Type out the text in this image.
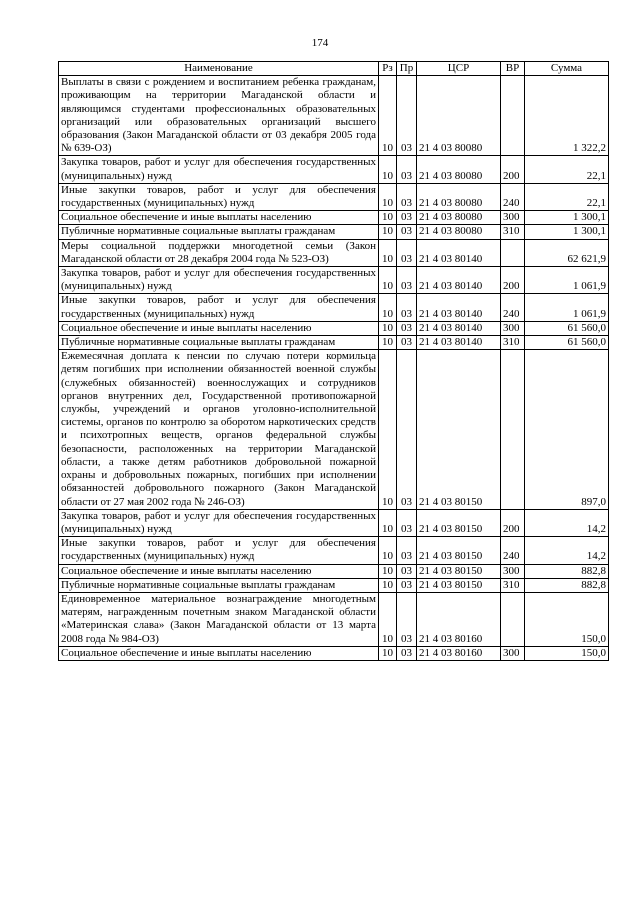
174
Наименование	Рз	Пр	ЦСР	ВР	Сумма
Выплаты в связи с рождением и воспитанием ребенка гражданам, проживающим на территории Магаданской области и являющимся студентами профессиональных образовательных организаций или образовательных организаций высшего образования (Закон Магаданской области от 03 декабря 2005 года № 639-ОЗ)	10	03	21 4 03 80080		1 322,2
Закупка товаров, работ и услуг для обеспечения государственных (муниципальных) нужд	10	03	21 4 03 80080	200	22,1
Иные закупки товаров, работ и услуг для обеспечения государственных (муниципальных) нужд	10	03	21 4 03 80080	240	22,1
Социальное обеспечение и иные выплаты населению	10	03	21 4 03 80080	300	1 300,1
Публичные нормативные социальные выплаты гражданам	10	03	21 4 03 80080	310	1 300,1
Меры социальной поддержки многодетной семьи (Закон Магаданской области от 28 декабря 2004 года № 523-ОЗ)	10	03	21 4 03 80140		62 621,9
Закупка товаров, работ и услуг для обеспечения государственных (муниципальных) нужд	10	03	21 4 03 80140	200	1 061,9
Иные закупки товаров, работ и услуг для обеспечения государственных (муниципальных) нужд	10	03	21 4 03 80140	240	1 061,9
Социальное обеспечение и иные выплаты населению	10	03	21 4 03 80140	300	61 560,0
Публичные нормативные социальные выплаты гражданам	10	03	21 4 03 80140	310	61 560,0
Ежемесячная доплата к пенсии по случаю потери кормильца детям погибших при исполнении обязанностей военной службы (служебных обязанностей) военнослужащих и сотрудников органов внутренних дел, Государственной противопожарной службы, учреждений и органов уголовно-исполнительной системы, органов по контролю за оборотом наркотических средств и психотропных веществ, органов федеральной службы безопасности, расположенных на территории Магаданской области, а также детям работников добровольной пожарной охраны и добровольных пожарных, погибших при исполнении обязанностей добровольного пожарного (Закон Магаданской области от 27 мая 2002 года № 246-ОЗ)	10	03	21 4 03 80150		897,0
Закупка товаров, работ и услуг для обеспечения государственных (муниципальных) нужд	10	03	21 4 03 80150	200	14,2
Иные закупки товаров, работ и услуг для обеспечения государственных (муниципальных) нужд	10	03	21 4 03 80150	240	14,2
Социальное обеспечение и иные выплаты населению	10	03	21 4 03 80150	300	882,8
Публичные нормативные социальные выплаты гражданам	10	03	21 4 03 80150	310	882,8
Единовременное материальное вознаграждение многодетным матерям, награжденным почетным знаком Магаданской области «Материнская слава» (Закон Магаданской области от 13 марта 2008 года № 984-ОЗ)	10	03	21 4 03 80160		150,0
Социальное обеспечение и иные выплаты населению	10	03	21 4 03 80160	300	150,0
